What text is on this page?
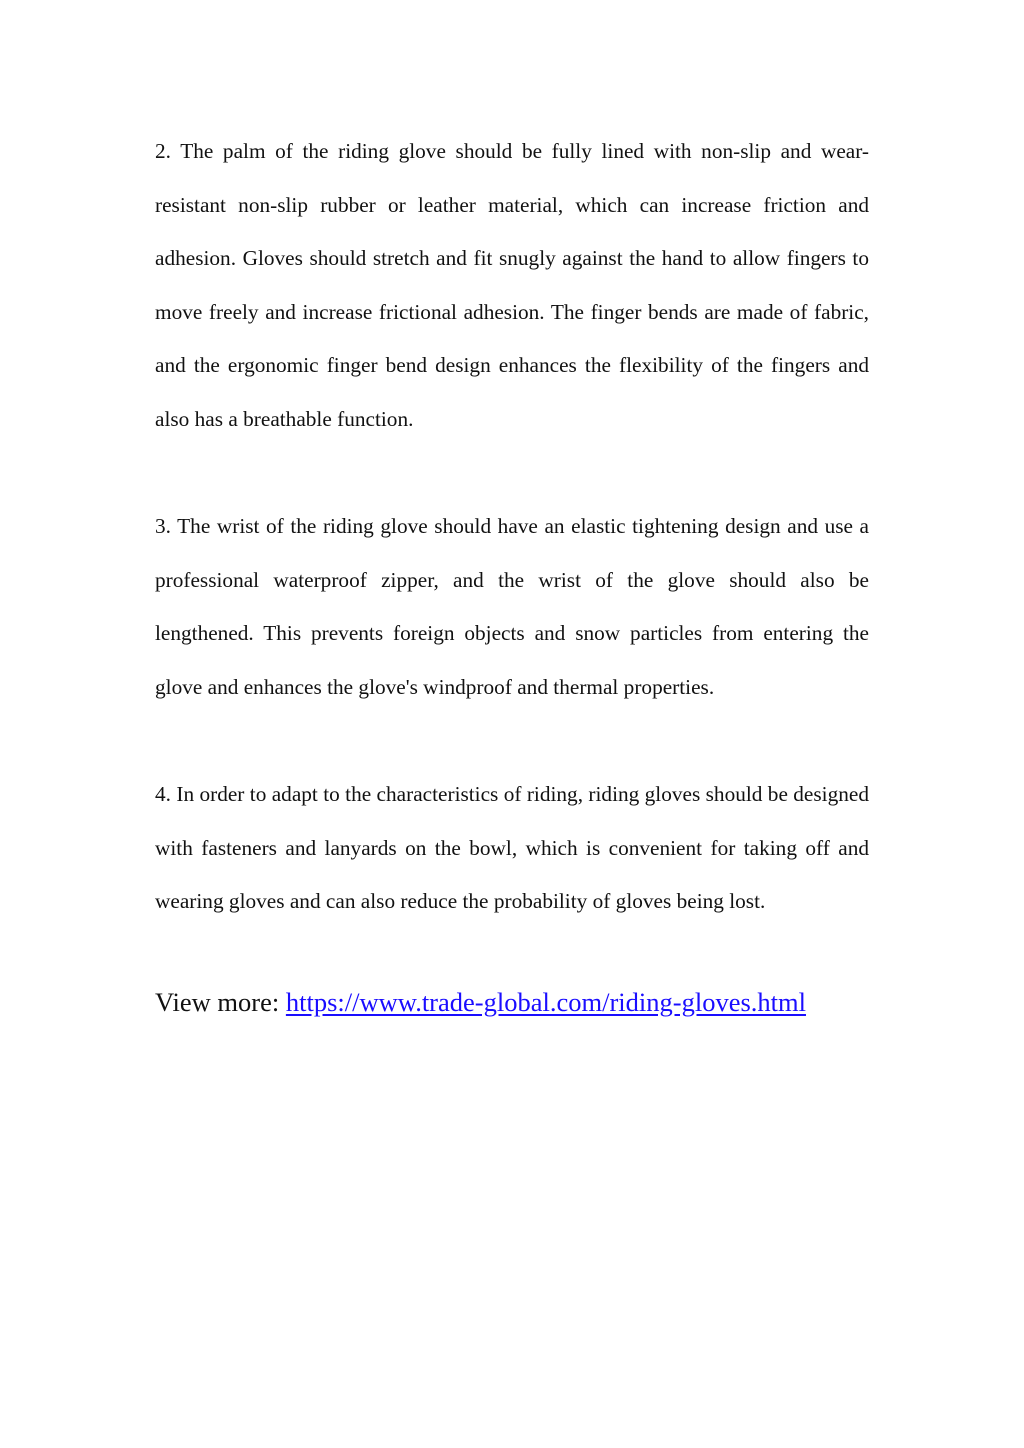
2. The palm of the riding glove should be fully lined with non-slip and wear-resistant non-slip rubber or leather material, which can increase friction and adhesion. Gloves should stretch and fit snugly against the hand to allow fingers to move freely and increase frictional adhesion. The finger bends are made of fabric, and the ergonomic finger bend design enhances the flexibility of the fingers and also has a breathable function.

3. The wrist of the riding glove should have an elastic tightening design and use a professional waterproof zipper, and the wrist of the glove should also be lengthened. This prevents foreign objects and snow particles from entering the glove and enhances the glove's windproof and thermal properties.

4. In order to adapt to the characteristics of riding, riding gloves should be designed with fasteners and lanyards on the bowl, which is convenient for taking off and wearing gloves and can also reduce the probability of gloves being lost.

View more: https://www.trade-global.com/riding-gloves.html
